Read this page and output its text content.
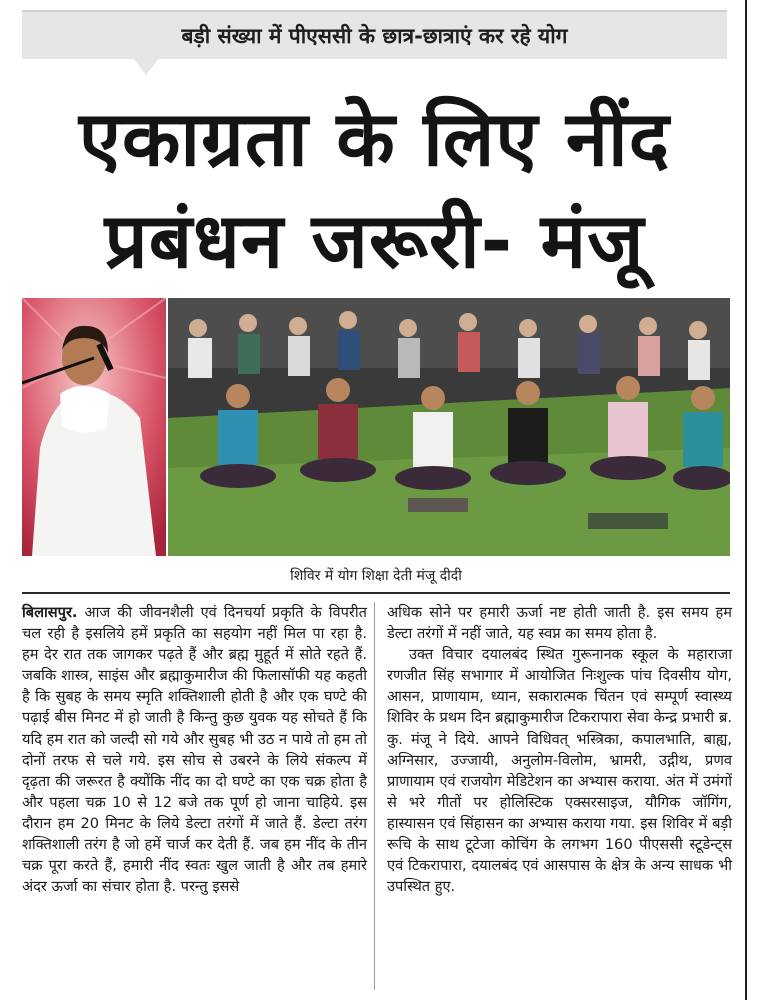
बड़ी संख्या में पीएससी के छात्र-छात्राएं कर रहे योग
एकाग्रता के लिए नींद
प्रबंधन जरूरी- मंजू
शिविर में योग शिक्षा देती मंजू दीदी

बिलासपुर. आज की जीवनशैली एवं दिनचर्या प्रकृति के विपरीत चल रही है इसलिये हमें प्रकृति का सहयोग नहीं मिल पा रहा है. हम देर रात तक जागकर पढ़ते हैं और ब्रह्म मुहूर्त में सोते रहते हैं. जबकि शास्त्र, साइंस और ब्रह्माकुमारीज की फिलासॉफी यह कहती है कि सुबह के समय स्मृति शक्तिशाली होती है और एक घण्टे की पढ़ाई बीस मिनट में हो जाती है किन्तु कुछ युवक यह सोचते हैं कि यदि हम रात को जल्दी सो गये और सुबह भी उठ न पाये तो हम तो दोनों तरफ से चले गये. इस सोच से उबरने के लिये संकल्प में दृढ़ता की जरूरत है क्योंकि नींद का दो घण्टे का एक चक्र होता है और पहला चक्र 10 से 12 बजे तक पूर्ण हो जाना चाहिये. इस दौरान हम 20 मिनट के लिये डेल्टा तरंगों में जाते हैं. डेल्टा तरंग शक्तिशाली तरंग है जो हमें चार्ज कर देती हैं. जब हम नींद के तीन चक्र पूरा करते हैं, हमारी नींद स्वतः खुल जाती है और तब हमारे अंदर ऊर्जा का संचार होता है. परन्तु इससे

अधिक सोने पर हमारी ऊर्जा नष्ट होती जाती है. इस समय हम डेल्टा तरंगों में नहीं जाते, यह स्वप्न का समय होता है.

उक्त विचार दयालबंद स्थित गुरूनानक स्कूल के महाराजा रणजीत सिंह सभागार में आयोजित निःशुल्क पांच दिवसीय योग, आसन, प्राणायाम, ध्यान, सकारात्मक चिंतन एवं सम्पूर्ण स्वास्थ्य शिविर के प्रथम दिन ब्रह्माकुमारीज टिकरापारा सेवा केन्द्र प्रभारी ब्र. कु. मंजू ने दिये. आपने विधिवत् भस्त्रिका, कपालभाति, बाह्य, अग्निसार, उज्जायी, अनुलोम-विलोम, भ्रामरी, उद्गीथ, प्रणव प्राणायाम एवं राजयोग मेडिटेशन का अभ्यास कराया. अंत में उमंगों से भरे गीतों पर होलिस्टिक एक्सरसाइज, यौगिक जॉगिंग, हास्यासन एवं सिंहासन का अभ्यास कराया गया. इस शिविर में बड़ी रूचि के साथ टूटेजा कोचिंग के लगभग 160 पीएससी स्टूडेन्ट्स एवं टिकरापारा, दयालबंद एवं आसपास के क्षेत्र के अन्य साधक भी उपस्थित हुए.
